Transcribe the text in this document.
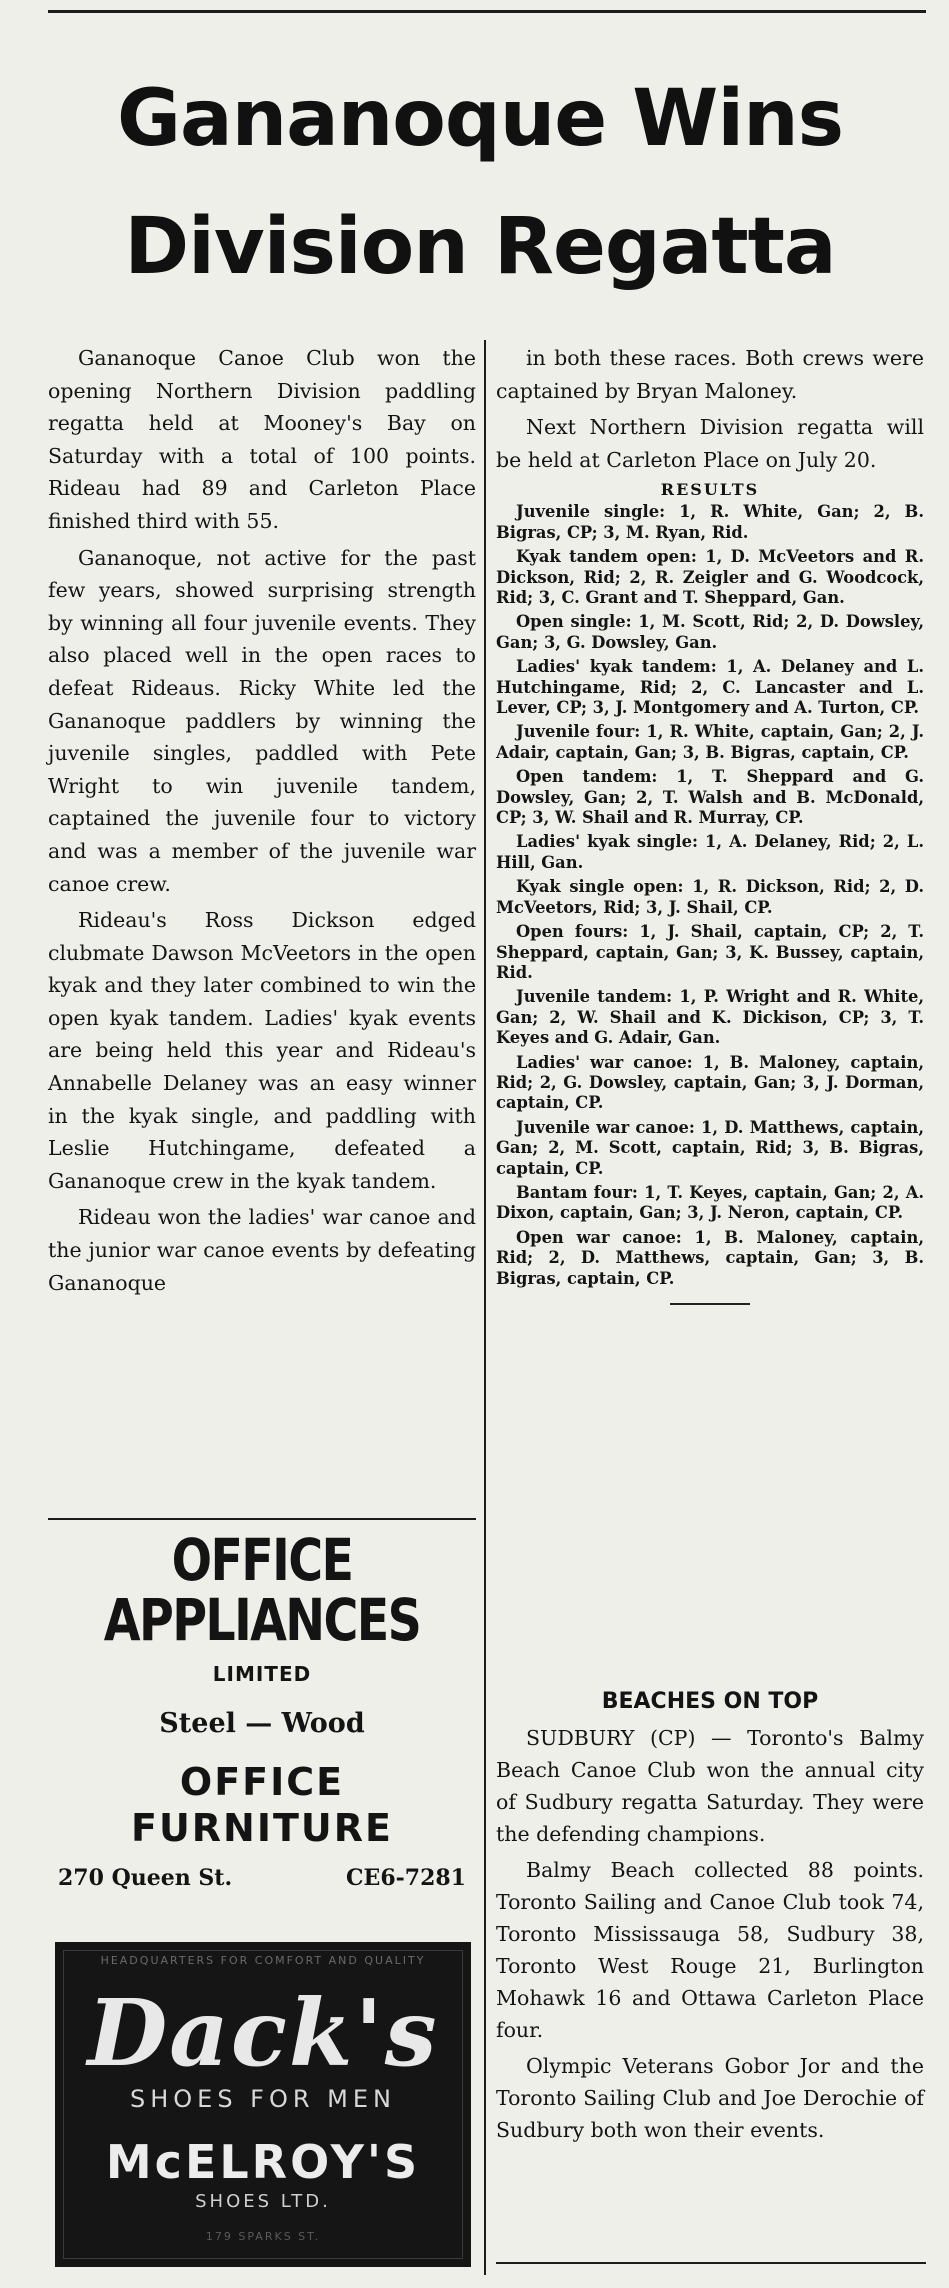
Gananoque Wins
Division Regatta

Gananoque Canoe Club won the opening Northern Division paddling regatta held at Mooney's Bay on Saturday with a total of 100 points. Rideau had 89 and Carleton Place finished third with 55.

Gananoque, not active for the past few years, showed surprising strength by winning all four juvenile events. They also placed well in the open races to defeat Rideaus. Ricky White led the Gananoque paddlers by winning the juvenile singles, paddled with Pete Wright to win juvenile tandem, captained the juvenile four to victory and was a member of the juvenile war canoe crew.

Rideau's Ross Dickson edged clubmate Dawson McVeetors in the open kyak and they later combined to win the open kyak tandem. Ladies' kyak events are being held this year and Rideau's Annabelle Delaney was an easy winner in the kyak single, and paddling with Leslie Hutchingame, defeated a Gananoque crew in the kyak tandem.

Rideau won the ladies' war canoe and the junior war canoe events by defeating Gananoque

in both these races. Both crews were captained by Bryan Maloney.

Next Northern Division regatta will be held at Carleton Place on July 20.

RESULTS

Juvenile single: 1, R. White, Gan; 2, B. Bigras, CP; 3, M. Ryan, Rid.

Kyak tandem open: 1, D. McVeetors and R. Dickson, Rid; 2, R. Zeigler and G. Woodcock, Rid; 3, C. Grant and T. Sheppard, Gan.

Open single: 1, M. Scott, Rid; 2, D. Dowsley, Gan; 3, G. Dowsley, Gan.

Ladies' kyak tandem: 1, A. Delaney and L. Hutchingame, Rid; 2, C. Lancaster and L. Lever, CP; 3, J. Montgomery and A. Turton, CP.

Juvenile four: 1, R. White, captain, Gan; 2, J. Adair, captain, Gan; 3, B. Bigras, captain, CP.

Open tandem: 1, T. Sheppard and G. Dowsley, Gan; 2, T. Walsh and B. McDonald, CP; 3, W. Shail and R. Murray, CP.

Ladies' kyak single: 1, A. Delaney, Rid; 2, L. Hill, Gan.

Kyak single open: 1, R. Dickson, Rid; 2, D. McVeetors, Rid; 3, J. Shail, CP.

Open fours: 1, J. Shail, captain, CP; 2, T. Sheppard, captain, Gan; 3, K. Bussey, captain, Rid.

Juvenile tandem: 1, P. Wright and R. White, Gan; 2, W. Shail and K. Dickison, CP; 3, T. Keyes and G. Adair, Gan.

Ladies' war canoe: 1, B. Maloney, captain, Rid; 2, G. Dowsley, captain, Gan; 3, J. Dorman, captain, CP.

Juvenile war canoe: 1, D. Matthews, captain, Gan; 2, M. Scott, captain, Rid; 3, B. Bigras, captain, CP.

Bantam four: 1, T. Keyes, captain, Gan; 2, A. Dixon, captain, Gan; 3, J. Neron, captain, CP.

Open war canoe: 1, B. Maloney, captain, Rid; 2, D. Matthews, captain, Gan; 3, B. Bigras, captain, CP.

BEACHES ON TOP

SUDBURY (CP) — Toronto's Balmy Beach Canoe Club won the annual city of Sudbury regatta Saturday. They were the defending champions.

Balmy Beach collected 88 points. Toronto Sailing and Canoe Club took 74, Toronto Mississauga 58, Sudbury 38, Toronto West Rouge 21, Burlington Mohawk 16 and Ottawa Carleton Place four.

Olympic Veterans Gobor Jor and the Toronto Sailing Club and Joe Derochie of Sudbury both won their events.

OFFICE
APPLIANCES
LIMITED
Steel — Wood
OFFICE
FURNITURE
270 Queen St.	CE6-7281
HEADQUARTERS FOR COMFORT AND QUALITY
Dack's
SHOES FOR MEN
McELROY'S
SHOES LTD.
179 SPARKS ST.
